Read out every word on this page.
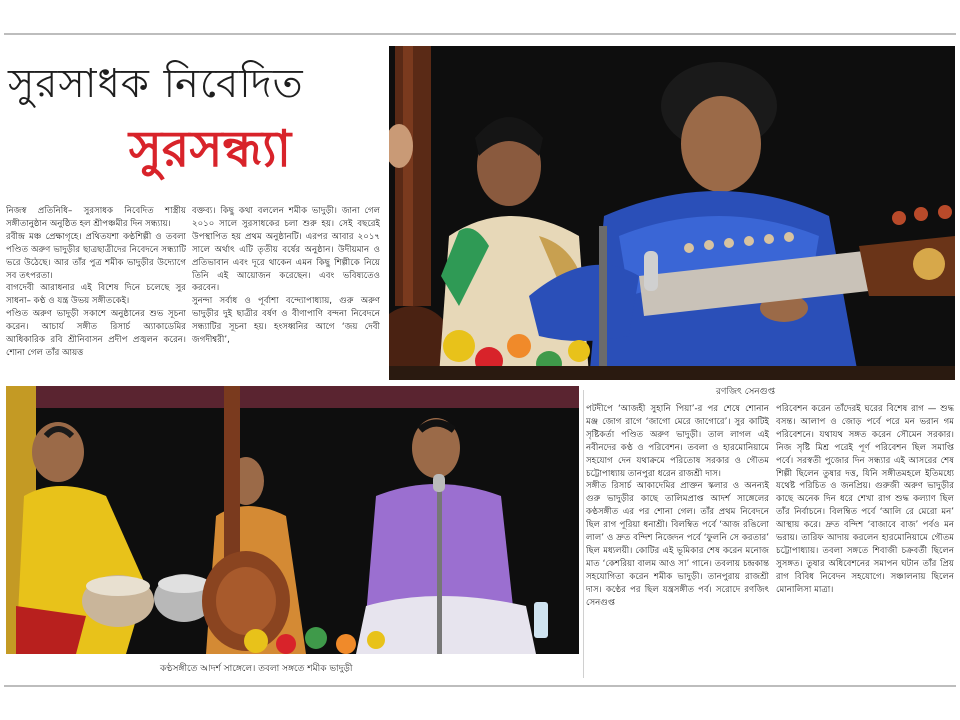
সুরসাধক নিবেদিত
সুরসন্ধ্যা

নিজস্ব প্রতিনিধি– সুরসাধক নিবেদিত শাস্ত্রীয় সঙ্গীতানুষ্ঠান অনুষ্ঠিত হল শ্রীপঞ্চমীর দিন সন্ধ্যায়।

রবীন্দ্র মঞ্চ প্রেক্ষাগৃহে। প্রথিতযশা কণ্ঠশিল্পী ও তবলা পণ্ডিত অরুণ ভাদুড়ীর ছাত্রছাত্রীদের নিবেদনে সন্ধ্যাটি ভরে উঠেছে। আর তাঁর পুত্র শমীক ভাদুড়ীর উদ্যোগে সব তৎপরতা।

বাগদেবী আরাধনার এই বিশেষ দিনে চলেছে সুর সাধনা– কণ্ঠ ও যন্ত্র উভয় সঙ্গীতকেই।

পণ্ডিত অরুণ ভাদুড়ী সকাশে অনুষ্ঠানের শুভ সূচনা করেন। আচার্য সঙ্গীত রিসার্চ অ্যাকাডেমির আধিকারিক রবি শ্রীনিবাসন প্রদীপ প্রজ্বলন করেন। শোনা গেল তাঁর আয়ত্ত

বক্তব্য। কিছু কথা বললেন শমীক ভাদুড়ী। জানা গেল ২০১০ সালে সুরসাধকের চলা শুরু হয়। সেই বছরেই উপস্থাপিত হয় প্রথম অনুষ্ঠানটি। এরপর আবার ২০১৭ সালে অর্থাৎ এটি তৃতীয় বর্ষের অনুষ্ঠান। উদীয়মান ও প্রতিভাবান এবং দূরে থাকেন এমন কিছু শিল্পীকে নিয়ে তিনি এই আয়োজন করেছেন। এবং ভবিষ্যতেও করবেন।

সুনন্দা সর্বাধ ও পূর্বাশা বন্দ্যোপাধ্যায়, গুরু অরুণ ভাদুড়ীর দুই ছাত্রীর বর্ষণ ও বীণাপাণি বন্দনা নিবেদনে সন্ধ্যাটির সূচনা হয়। হংসধ্বনির আগে ‘জয় দেবী জগদীশ্বরী’,

রণজিৎ সেনগুপ্ত
কণ্ঠসঙ্গীতে আদর্শ সাঙ্গেলে। তবলা সঙ্গতে শমীক ভাদুড়ী

পটদীপে ‘আজহী সুহানি পিয়া’-র পর শেষে শোনান মঞ্জ জোগ রাগে ‘জাগো মেরে জাগোরে’। সুর কাটিই সৃষ্টিকর্তা পণ্ডিত অরুণ ভাদুড়ী। তাল লাগল এই নবীনদের কণ্ঠ ও পরিবেশন। তবলা ও হারমোনিয়ামে সহযোগ দেন যথাক্রমে পরিতোষ সরকার ও গৌতম চট্টোপাধ্যায় তানপুরা ধরেন রাজশ্রী দাস।

সঙ্গীত রিসার্চ আকাদেমির প্রাক্তন স্কলার ও অনন্যই গুরু ভাদুড়ীর কাছে তালিমপ্রাপ্ত আদর্শ সাঙ্গেলের কণ্ঠসঙ্গীত এর পর শোনা গেল। তাঁর প্রথম নিবেদনে ছিল রাগ পূরিয়া ধনাশ্রী। বিলম্বিত পর্বে ‘আজ রঙিলো লাল’ ও দ্রুত বন্দিশ নিজেদন পর্বে ‘ফুলনি সে করতার’ ছিল মধ্যলয়ী। কোটির এই ভূমিকার শেষ করেন মনোজ মাত ‘কেশরিয়া বালম আও সা’ গানে। তবলায় চন্দ্রকান্ত সহযোগিতা করেন শমীক ভাদুড়ী। তানপুরায় রাজশ্রী দাস। কণ্ঠের পর ছিল যন্ত্রসঙ্গীত পর্ব। সরোদে রণজিৎ সেনগুপ্ত

পরিবেশন করেন তাঁদেরই ঘরের বিশেষ রাগ — শুদ্ধ বসন্ত। আলাপ ও জোড় পর্বে পরে মন ভরান গম পরিবেশনে। যথাযথ সঙ্গত করেন সৌমেন সরকার। নিজ সৃষ্টি মিশ্র পরেই পূর্ণ পরিবেশন ছিল সমাপ্তি পর্বে। সরস্বতী পুজোর দিন সন্ধ্যার এই আসরের শেষ শিল্পী ছিলেন তুষার দত্ত, যিনি সঙ্গীতমহলে ইতিমধ্যে যথেষ্ট পরিচিত ও জনপ্রিয়। গুরুজী অরুণ ভাদুড়ীর কাছে অনেক দিন ধরে শেখা রাগ শুদ্ধ কল্যাণ ছিল তাঁর নির্বাচনে। বিলম্বিত পর্বে ‘আলি রে মেরো মন’ আস্থায় করে। দ্রুত বন্দিশ ‘বাজাবে বাজ’ পর্বও মন ভরায়। তারিফ আদায় করলেন হারমোনিয়ামে গৌতম চট্টোপাধ্যায়। তবলা সঙ্গতে শিবাজী চক্রবর্তী ছিলেন সুসঙ্গত। তুষার অধিবেশনের সমাপন ঘটান তাঁর প্রিয় রাগ বিবিধ নিবেদন সহযোগে। সঞ্চালনায় ছিলেন মোনালিসা মাত্রা।
